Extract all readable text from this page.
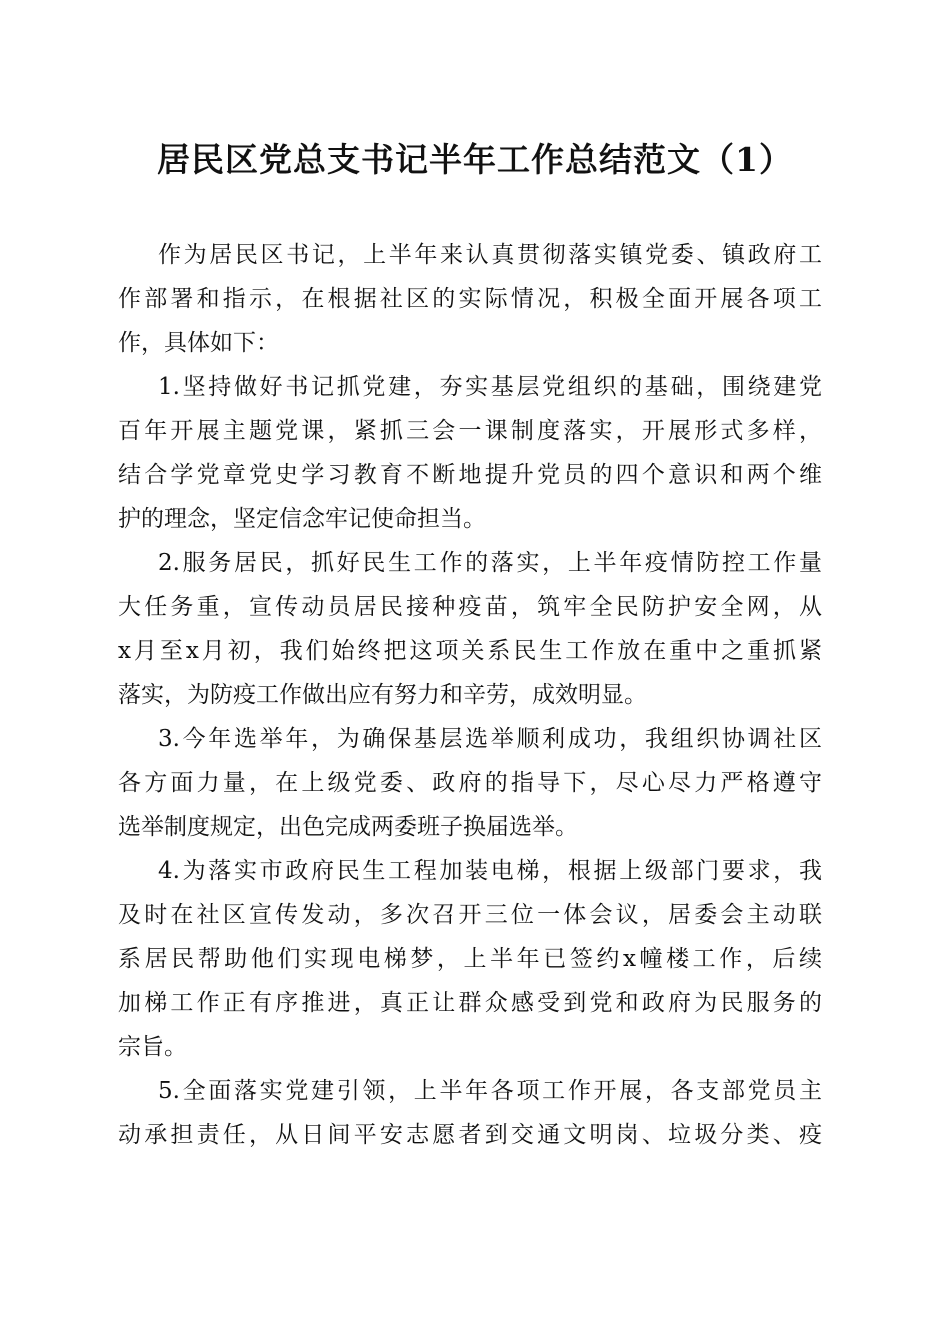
居民区党总支书记半年工作总结范文（1）
作为居民区书记，上半年来认真贯彻落实镇党委、镇政府工
作部署和指示，在根据社区的实际情况，积极全面开展各项工
作，具体如下：
1.坚持做好书记抓党建，夯实基层党组织的基础，围绕建党
百年开展主题党课，紧抓三会一课制度落实，开展形式多样，
结合学党章党史学习教育不断地提升党员的四个意识和两个维
护的理念，坚定信念牢记使命担当。
2.服务居民，抓好民生工作的落实，上半年疫情防控工作量
大任务重，宣传动员居民接种疫苗，筑牢全民防护安全网，从
x月至x月初，我们始终把这项关系民生工作放在重中之重抓紧
落实，为防疫工作做出应有努力和辛劳，成效明显。
3.今年选举年，为确保基层选举顺利成功，我组织协调社区
各方面力量，在上级党委、政府的指导下，尽心尽力严格遵守
选举制度规定，出色完成两委班子换届选举。
4.为落实市政府民生工程加装电梯，根据上级部门要求，我
及时在社区宣传发动，多次召开三位一体会议，居委会主动联
系居民帮助他们实现电梯梦，上半年已签约x幢楼工作，后续
加梯工作正有序推进，真正让群众感受到党和政府为民服务的
宗旨。
5.全面落实党建引领，上半年各项工作开展，各支部党员主
动承担责任，从日间平安志愿者到交通文明岗、垃圾分类、疫
